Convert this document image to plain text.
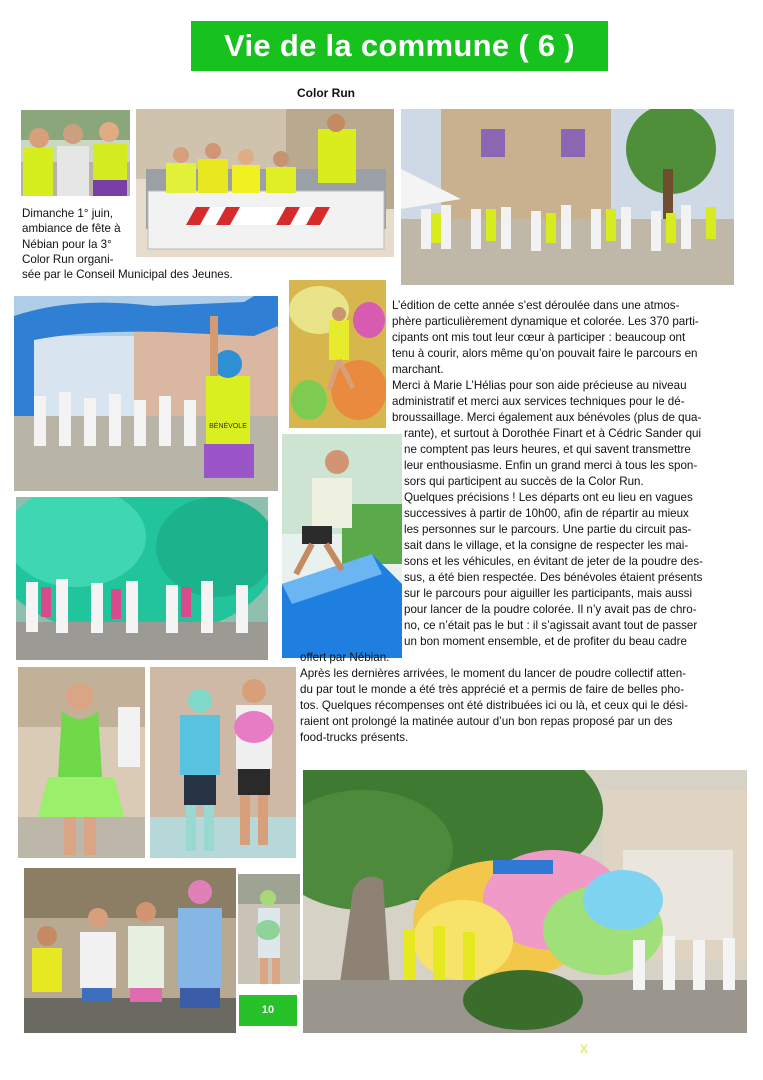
Vie de la commune ( 6 )
Color Run
Dimanche 1° juin,
ambiance de fête à
Nébian pour la 3°
Color Run organi-
sée par le Conseil Municipal des Jeunes.
BÉNÉVOLE
L’édition de cette année s’est déroulée dans une atmos-
phère particulièrement dynamique et colorée. Les 370 parti-
cipants ont mis tout leur cœur à participer : beaucoup ont
tenu à courir, alors même qu’on pouvait faire le parcours en
marchant.
Merci à Marie L’Hélias pour son aide précieuse au niveau
administratif et merci aux services techniques pour le dé-
broussaillage. Merci également aux bénévoles (plus de qua-
rante), et surtout à Dorothée Finart et à Cédric Sander qui
ne comptent pas leurs heures, et qui savent transmettre
leur enthousiasme. Enfin un grand merci à tous les spon-
sors qui participent au succès de la Color Run.
Quelques précisions ! Les départs ont eu lieu en vagues
successives à partir de 10h00, afin de répartir au mieux
les personnes sur le parcours. Une partie du circuit pas-
sait dans le village, et la consigne de respecter les mai-
sons et les véhicules, en évitant de jeter de la poudre des-
sus, a été bien respectée. Des bénévoles étaient présents
sur le parcours pour aiguiller les participants, mais aussi
pour lancer de la poudre colorée. Il n’y avait pas de chro-
no, ce n’était pas le but : il s’agissait avant tout de passer
un bon moment ensemble, et de profiter du beau cadre
offert par Nébian.
Après les dernières arrivées, le moment du lancer de poudre collectif atten-
du par tout le monde a été très apprécié et a permis de faire de belles pho-
tos. Quelques récompenses ont été distribuées ici ou là, et ceux qui le dési-
raient ont prolongé la matinée autour d’un bon repas proposé par un des
food-trucks présents.
10
X
